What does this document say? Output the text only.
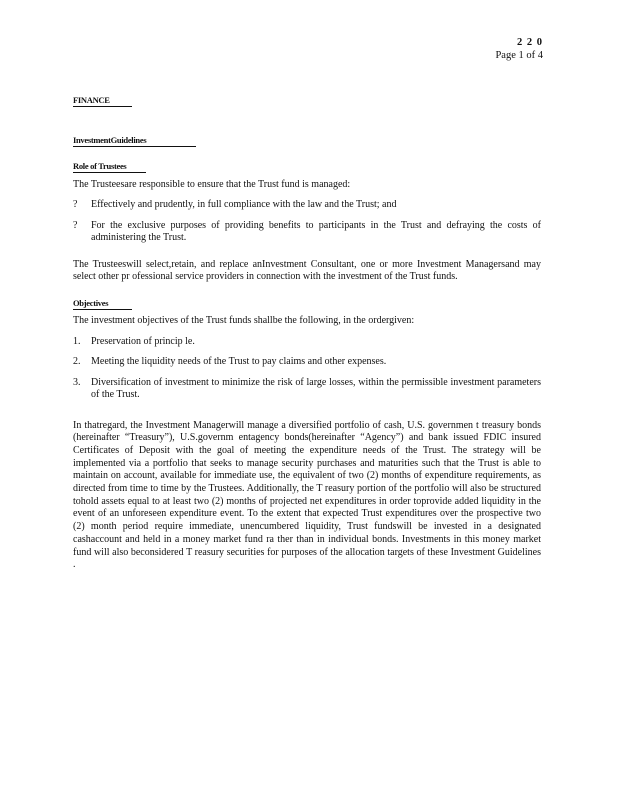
2 2 0
Page 1 of 4
FINANCE
InvestmentGuidelines
Role of Trustees

The Trusteesare responsible to ensure that the Trust fund is managed:

? Effectively and prudently, in full compliance with the law and the Trust; and
? For the exclusive purposes of providing benefits to participants in the Trust and defraying the costs of administering the Trust.

The Trusteeswill select,retain, and replace anInvestment Consultant, one or more Investment Managersand may select other pr ofessional service providers in connection with the investment of the Trust funds.

Objectives

The investment objectives of the Trust funds shallbe the following, in the ordergiven:

1. Preservation of princip le.
2. Meeting the liquidity needs of the Trust to pay claims and other expenses.
3. Diversification of investment to minimize the risk of large losses, within the permissible investment parameters of the Trust.

In thatregard, the Investment Managerwill manage a diversified portfolio of cash, U.S. governmen t treasury bonds (hereinafter “Treasury”), U.S.governm entagency bonds(hereinafter “Agency”) and bank issued FDIC insured Certificates of Deposit with the goal of meeting the expenditure needs of the Trust. The strategy will be implemented via a portfolio that seeks to manage security purchases and maturities such that the Trust is able to maintain on account, available for immediate use, the equivalent of two (2) months of expenditure requirements, as directed from time to time by the Trustees. Additionally, the T reasury portion of the portfolio will also be structured tohold assets equal to at least two (2) months of projected net expenditures in order toprovide added liquidity in the event of an unforeseen expenditure event. To the extent that expected Trust expenditures over the prospective two (2) month period require immediate, unencumbered liquidity, Trust fundswill be invested in a designated cashaccount and held in a money market fund ra ther than in individual bonds. Investments in this money market fund will also beconsidered T reasury securities for purposes of the allocation targets of these Investment Guidelines .
